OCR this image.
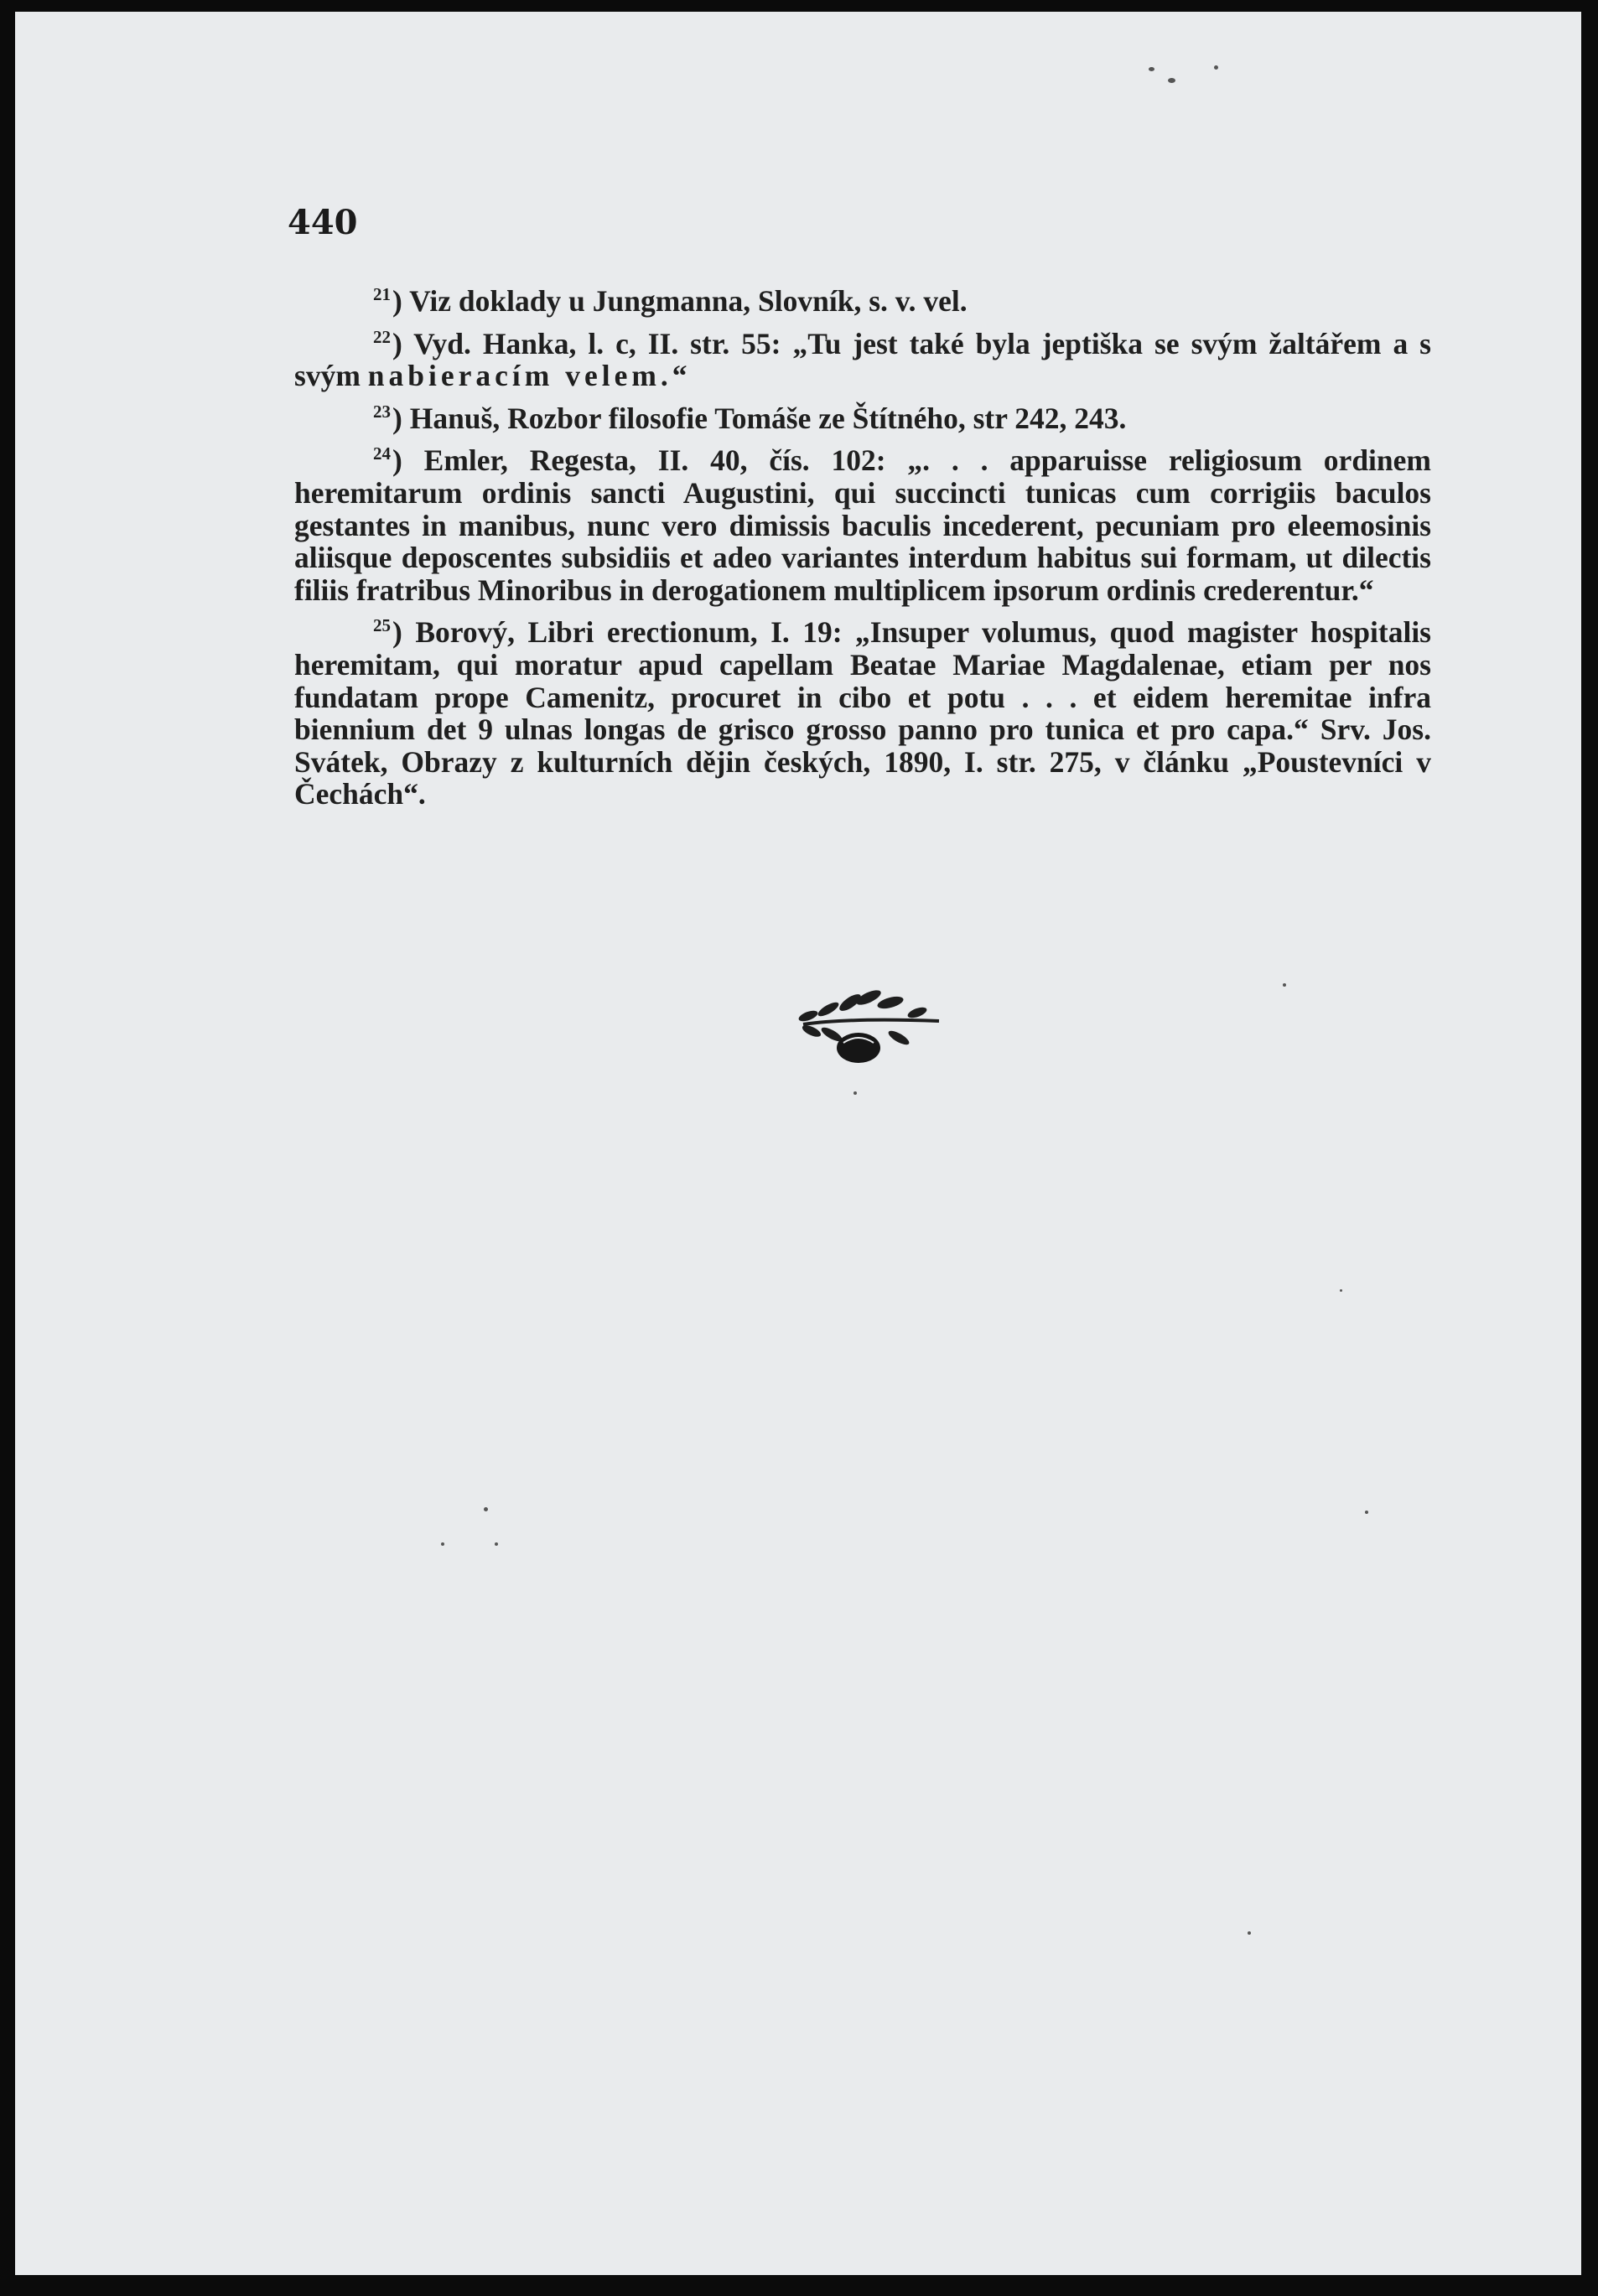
440

$^{21}$) Viz doklady u Jungmanna, Slovník, s. v. vel.

$^{22}$) Vyd. Hanka, l. c, II. str. 55: „Tu jest také byla jeptiška se svým žaltářem a s svým nabieracím velem.“

$^{23}$) Hanuš, Rozbor filosofie Tomáše ze Štítného, str 242, 243.

$^{24}$) Emler, Regesta, II. 40, čís. 102: „. . . apparuisse religiosum ordinem heremitarum ordinis sancti Augustini, qui succincti tunicas cum corrigiis baculos gestantes in manibus, nunc vero dimissis baculis incederent, pecuniam pro eleemosinis aliisque deposcentes subsidiis et adeo variantes interdum habitus sui formam, ut dilectis filiis fratribus Minoribus in derogationem multiplicem ipsorum ordinis crederentur.“

$^{25}$) Borový, Libri erectionum, I. 19: „Insuper volumus, quod magister hospitalis heremitam, qui moratur apud capellam Beatae Mariae Magdalenae, etiam per nos fundatam prope Camenitz, procuret in cibo et potu . . . et eidem heremitae infra biennium det 9 ulnas longas de grisco grosso panno pro tunica et pro capa.“ Srv. Jos. Svátek, Obrazy z kulturních dějin českých, 1890, I. str. 275, v článku „Poustevníci v Čechách“.
